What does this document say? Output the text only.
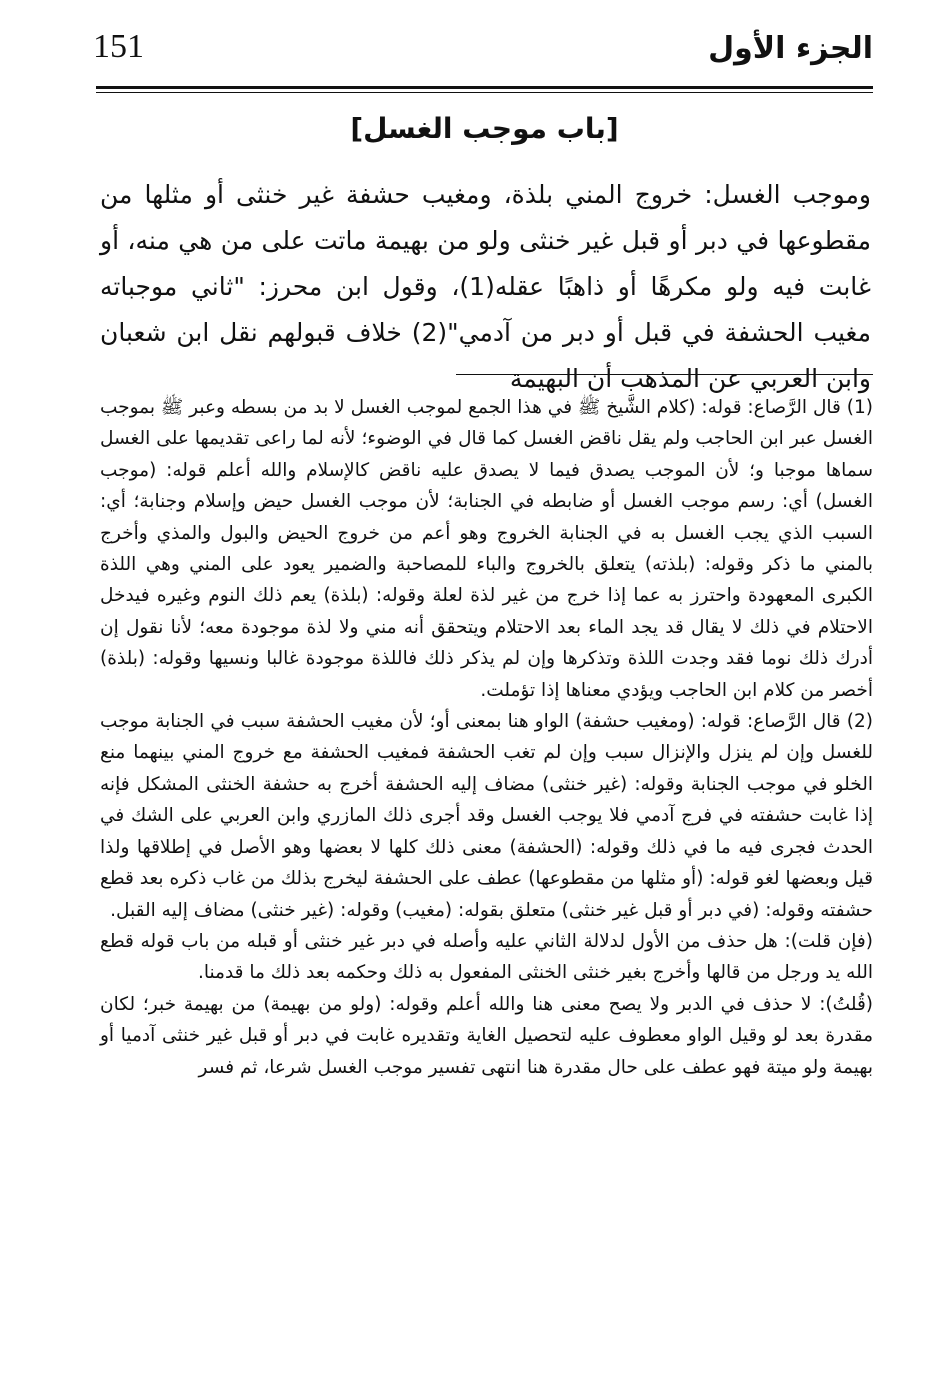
151	الجزء الأول
[باب موجب الغسل]
وموجب الغسل: خروج المني بلذة، ومغيب حشفة غير خنثى أو مثلها من مقطوعها في دبر أو قبل غير خنثى ولو من بهيمة ماتت على من هي منه، أو غابت فيه ولو مكرهًا أو ذاهبًا عقله(1)، وقول ابن محرز: "ثاني موجباته مغيب الحشفة في قبل أو دبر من آدمي"(2) خلاف قبولهم نقل ابن شعبان وابن العربي عن المذهب أن البهيمة

(1) قال الرَّصاع: قوله: (كلام الشَّيخ ﷺ في هذا الجمع لموجب الغسل لا بد من بسطه وعبر ﷺ بموجب الغسل عبر ابن الحاجب ولم يقل ناقض الغسل كما قال في الوضوء؛ لأنه لما راعى تقديمها على الغسل سماها موجبا و؛ لأن الموجب يصدق فيما لا يصدق عليه ناقض كالإسلام والله أعلم قوله: (موجب الغسل) أي: رسم موجب الغسل أو ضابطه في الجنابة؛ لأن موجب الغسل حيض وإسلام وجنابة؛ أي: السبب الذي يجب الغسل به في الجنابة الخروج وهو أعم من خروج الحيض والبول والمذي وأخرج بالمني ما ذكر وقوله: (بلذته) يتعلق بالخروج والباء للمصاحبة والضمير يعود على المني وهي اللذة الكبرى المعهودة واحترز به عما إذا خرج من غير لذة لعلة وقوله: (بلذة) يعم ذلك النوم وغيره فيدخل الاحتلام في ذلك لا يقال قد يجد الماء بعد الاحتلام ويتحقق أنه مني ولا لذة موجودة معه؛ لأنا نقول إن أدرك ذلك نوما فقد وجدت اللذة وتذكرها وإن لم يذكر ذلك فاللذة موجودة غالبا ونسيها وقوله: (بلذة) أخصر من كلام ابن الحاجب ويؤدي معناها إذا تؤملت.

(2) قال الرَّصاع: قوله: (ومغيب حشفة) الواو هنا بمعنى أو؛ لأن مغيب الحشفة سبب في الجنابة موجب للغسل وإن لم ينزل والإنزال سبب وإن لم تغب الحشفة فمغيب الحشفة مع خروج المني بينهما منع الخلو في موجب الجنابة وقوله: (غير خنثى) مضاف إليه الحشفة أخرج به حشفة الخنثى المشكل فإنه إذا غابت حشفته في فرج آدمي فلا يوجب الغسل وقد أجرى ذلك المازري وابن العربي على الشك في الحدث فجرى فيه ما في ذلك وقوله: (الحشفة) معنى ذلك كلها لا بعضها وهو الأصل في إطلاقها ولذا قيل وبعضها لغو قوله: (أو مثلها من مقطوعها) عطف على الحشفة ليخرج بذلك من غاب ذكره بعد قطع حشفته وقوله: (في دبر أو قبل غير خنثى) متعلق بقوله: (مغيب) وقوله: (غير خنثى) مضاف إليه القبل.

(فإن قلت): هل حذف من الأول لدلالة الثاني عليه وأصله في دبر غير خنثى أو قبله من باب قوله قطع الله يد ورجل من قالها وأخرج بغير خنثى الخنثى المفعول به ذلك وحكمه بعد ذلك ما قدمنا.

(قُلتُ): لا حذف في الدبر ولا يصح معنى هنا والله أعلم وقوله: (ولو من بهيمة) من بهيمة خبر؛ لكان مقدرة بعد لو وقيل الواو معطوف عليه لتحصيل الغاية وتقديره غابت في دبر أو قبل غير خنثى آدميا أو بهيمة ولو ميتة فهو عطف على حال مقدرة هنا انتهى تفسير موجب الغسل شرعا، ثم فسر
